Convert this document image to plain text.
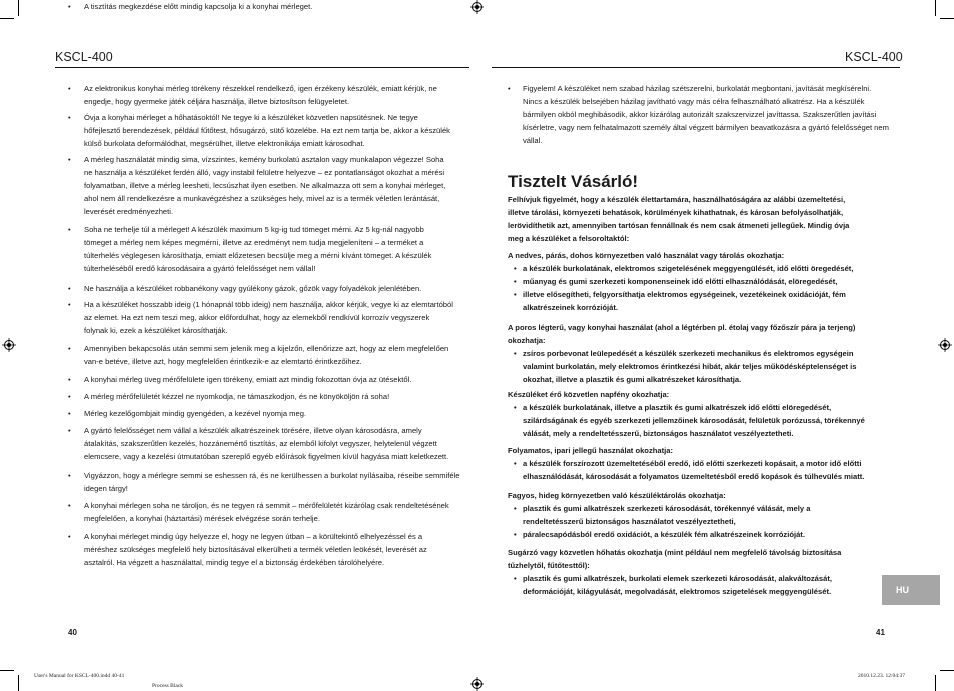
KSCL-400	KSCL-400
• Az elektronikus konyhai mérleg törékeny részekkel rendelkező, igen érzékeny készülék, emiatt kérjük, ne
engedje, hogy gyermeke játék céljára használja, illetve biztosítson felügyeletet.
• Óvja a konyhai mérleget a hőhatásoktól! Ne tegye ki a készüléket közvetlen napsütésnek. Ne tegye
hőfejlesztő berendezések, például fűtőtest, hősugárzó, sütő közelébe. Ha ezt nem tartja be, akkor a készülék
külső burkolata deformálódhat, megsérülhet, illetve elektronikája emiatt károsodhat.
• A mérleg használatát mindig sima, vízszintes, kemény burkolatú asztalon vagy munkalapon végezze! Soha
ne használja a készüléket ferdén álló, vagy instabil felületre helyezve – ez pontatlanságot okozhat a mérési
folyamatban, illetve a mérleg leesheti, lecsúszhat ilyen esetben. Ne alkalmazza ott sem a konyhai mérleget,
ahol nem áll rendelkezésre a munkavégzéshez a szükséges hely, mivel az is a termék véletlen lerántását,
leverését eredményezheti.
• Soha ne terhelje túl a mérleget! A készülék maximum 5 kg-ig tud tömeget mérni. Az 5 kg-nál nagyobb
tömeget a mérleg nem képes megmérni, illetve az eredményt nem tudja megjeleníteni – a terméket a
túlterhelés véglegesen károsíthatja, emiatt előzetesen becsülje meg a mérni kívánt tömeget. A készülék
túlterheléséből eredő károsodásaira a gyártó felelősséget nem vállal!
• Ne használja a készüléket robbanékony vagy gyúlékony gázok, gőzök vagy folyadékok jelenlétében.
• Ha a készüléket hosszabb ideig (1 hónapnál több ideig) nem használja, akkor kérjük, vegye ki az elemtartóból
az elemet. Ha ezt nem teszi meg, akkor előfordulhat, hogy az elemekből rendkívül korrozív vegyszerek
folynak ki, ezek a készüléket károsíthatják.
• Amennyiben bekapcsolás után semmi sem jelenik meg a kijelzőn, ellenőrizze azt, hogy az elem megfelelően
van-e betéve, illetve azt, hogy megfelelően érintkezik-e az elemtartó érintkezőihez.
• A konyhai mérleg üveg mérőfelülete igen törékeny, emiatt azt mindig fokozottan óvja az ütésektől.
• A mérleg mérőfelületét kézzel ne nyomkodja, ne támaszkodjon, és ne könyököljön rá soha!
• Mérleg kezelőgombjait mindig gyengéden, a kezével nyomja meg.
• A gyártó felelősséget nem vállal a készülék alkatrészeinek törésére, illetve olyan károsodásra, amely
átalakítás, szakszerűtlen kezelés, hozzánemértő tisztítás, az elemből kifolyt vegyszer, helytelenül végzett
elemcsere, vagy a kezelési útmutatóban szereplő egyéb előírások figyelmen kívül hagyása miatt keletkezett.
• Vigyázzon, hogy a mérlegre semmi se eshessen rá, és ne kerülhessen a burkolat nyílásaiba, réseibe semmiféle
idegen tárgy!
• A konyhai mérlegen soha ne tároljon, és ne tegyen rá semmit – mérőfelületét kizárólag csak rendeltetésének
megfelelően, a konyhai (háztartási) mérések elvégzése során terhelje.
• A konyhai mérleget mindig úgy helyezze el, hogy ne legyen útban – a körültekintő elhelyezéssel és a
méréshez szükséges megfelelő hely biztosításával elkerülheti a termék véletlen leökését, leverését az
asztalról. Ha végzett a használattal, mindig tegye el a biztonság érdekében tárolóhelyére.
• A tisztítás megkezdése előtt mindig kapcsolja ki a konyhai mérleget.
• Figyelem! A készüléket nem szabad házilag szétszerelni, burkolatát megbontani, javítását megkísérelni.
Nincs a készülék belsejében házilag javítható vagy más célra felhasználható alkatrész. Ha a készülék
bármilyen okból meghibásodik, akkor kizárólag autorizált szakszervizzel javíttassa. Szakszerűtlen javítási
kísérletre, vagy nem felhatalmazott személy által végzett bármilyen beavatkozásra a gyártó felelősséget nem
vállal.
Tisztelt Vásárló!
Felhívjuk figyelmét, hogy a készülék élettartamára, használhatóságára az alábbi üzemeltetési,
illetve tárolási, környezeti behatások, körülmények kihathatnak, és károsan befolyásolhatják,
lerövidíthetik azt, amennyiben tartósan fennállnak és nem csak átmeneti jellegűek. Mindig óvja
meg a készüléket a felsoroltaktól:
A nedves, párás, dohos környezetben való használat vagy tárolás okozhatja:
• a készülék burkolatának, elektromos szigetelésének meggyengülését, idő előtti öregedését,
• műanyag és gumi szerkezeti komponenseinek idő előtti elhasználódását, elöregedését,
• illetve elősegítheti, felgyorsíthatja elektromos egységeinek, vezetékeinek oxidációját, fém
alkatrészeinek korrózióját.
A poros légterű, vagy konyhai használat (ahol a légtérben pl. étolaj vagy főzőszír pára ja terjeng)
okozhatja:
• zsíros porbevonat leülepedését a készülék szerkezeti mechanikus és elektromos egységein
valamint burkolatán, mely elektromos érintkezési hibát, akár teljes működésképtelenséget is
okozhat, illetve a plasztik és gumi alkatrészeket károsíthatja.
Készüléket érő közvetlen napfény okozhatja:
• a készülék burkolatának, illetve a plasztik és gumi alkatrészek idő előtti elöregedését,
szilárdságának és egyéb szerkezeti jellemzőinek károsodását, felületük porózussá, törékennyé
válását, mely a rendeltetésszerű, biztonságos használatot veszélyeztetheti.
Folyamatos, ipari jellegű használat okozhatja:
• a készülék forszírozott üzemeltetéséből eredő, idő előtti szerkezeti kopásait, a motor idő előtti
elhasználódását, károsodását a folyamatos üzemeltetésből eredő kopások és túlhevülés miatt.
Fagyos, hideg környezetben való készüléktárolás okozhatja:
• plasztik és gumi alkatrészek szerkezeti károsodását, törékennyé válását, mely a
rendeltetésszerű biztonságos használatot veszélyeztetheti,
• páralecsapódásból eredő oxidációt, a készülék fém alkatrészeinek korrózióját.
Sugárzó vagy közvetlen hőhatás okozhatja (mint például nem megfelelő távolság biztosítása
tűzhelytől, fűtőtesttől):
• plasztik és gumi alkatrészek, burkolati elemek szerkezeti károsodását, alakváltozását,
deformációját, kilágyulását, megolvadását, elektromos szigetelések meggyengülését.	HU
40	41
User's Manual for KSCL-400.indd 40-41	2010.12.23. 12:04:37
Process Black
